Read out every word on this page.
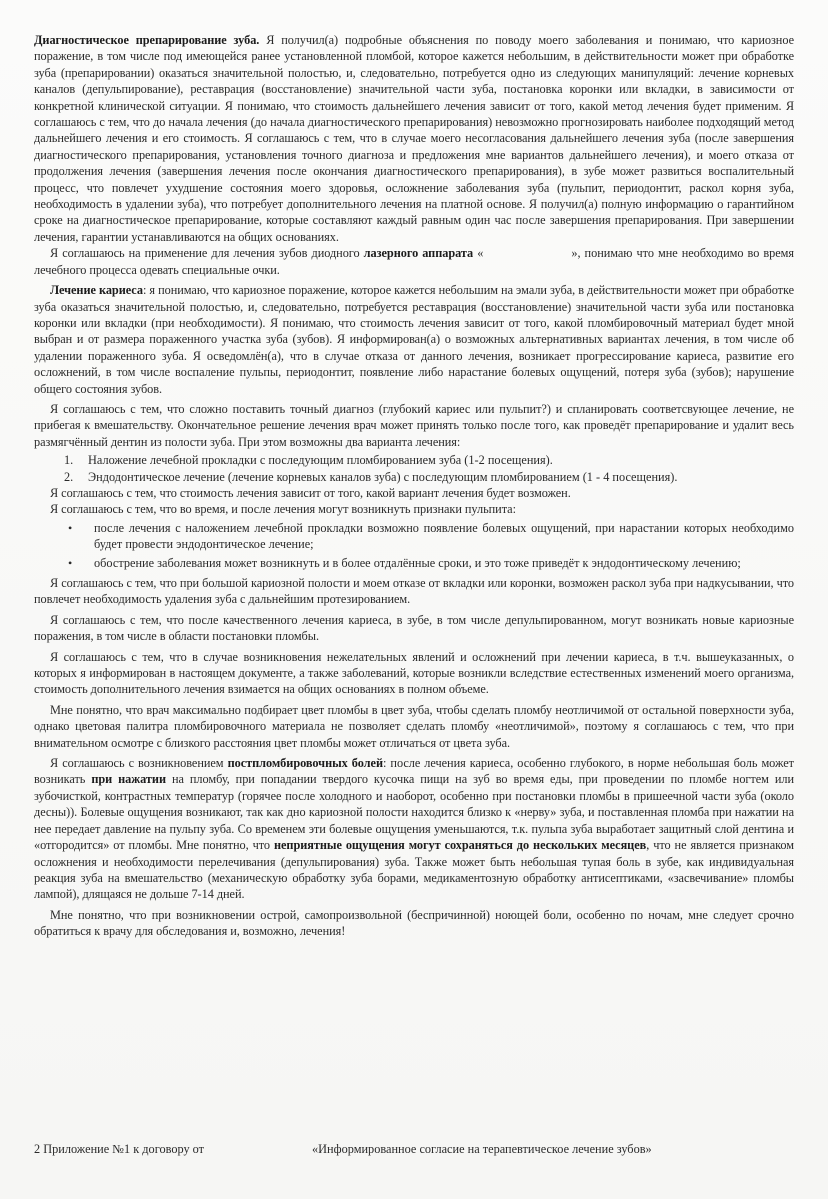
Диагностическое препарирование зуба. Я получил(а) подробные объяснения по поводу моего заболевания и понимаю, что кариозное поражение, в том числе под имеющейся ранее установленной пломбой, которое кажется небольшим, в действительности может при обработке зуба (препарировании) оказаться значительной полостью, и, следовательно, потребуется одно из следующих манипуляций: лечение корневых каналов (депульпирование), реставрация (восстановление) значительной части зуба, постановка коронки или вкладки, в зависимости от конкретной клинической ситуации. Я понимаю, что стоимость дальнейшего лечения зависит от того, какой метод лечения будет применим. Я соглашаюсь с тем, что до начала лечения (до начала диагностического препарирования) невозможно прогнозировать наиболее подходящий метод дальнейшего лечения и его стоимость. Я соглашаюсь с тем, что в случае моего несогласования дальнейшего лечения зуба (после завершения диагностического препарирования, установления точного диагноза и предложения мне вариантов дальнейшего лечения), и моего отказа от продолжения лечения (завершения лечения после окончания диагностического препарирования), в зубе может развиться воспалительный процесс, что повлечет ухудшение состояния моего здоровья, осложнение заболевания зуба (пульпит, периодонтит, раскол корня зуба, необходимость в удалении зуба), что потребует дополнительного лечения на платной основе. Я получил(а) полную информацию о гарантийном сроке на диагностическое препарирование, которые составляют каждый равным один час после завершения препарирования. При завершении лечения, гарантии устанавливаются на общих основаниях.

Я соглашаюсь на применение для лечения зубов диодного лазерного аппарата «	», понимаю что мне необходимо во время лечебного процесса одевать специальные очки.

Лечение кариеса: я понимаю, что кариозное поражение, которое кажется небольшим на эмали зуба, в действительности может при обработке зуба оказаться значительной полостью, и, следовательно, потребуется реставрация (восстановление) значительной части зуба или постановка коронки или вкладки (при необходимости). Я понимаю, что стоимость лечения зависит от того, какой пломбировочный материал будет мной выбран и от размера пораженного участка зуба (зубов). Я информирован(а) о возможных альтернативных вариантах лечения, в том числе об удалении пораженного зуба. Я осведомлён(а), что в случае отказа от данного лечения, возникает прогрессирование кариеса, развитие его осложнений, в том числе воспаление пульпы, периодонтит, появление либо нарастание болевых ощущений, потеря зуба (зубов); нарушение общего состояния зубов.

Я соглашаюсь с тем, что сложно поставить точный диагноз (глубокий кариес или пульпит?) и спланировать соответсвующее лечение, не прибегая к вмешательству. Окончательное решение лечения врач может принять только после того, как проведёт препарирование и удалит весь размягчённый дентин из полости зуба. При этом возможны два варианта лечения:

1. Наложение лечебной прокладки с последующим пломбированием зуба (1-2 посещения).
2. Эндодонтическое лечение (лечение корневых каналов зуба) с последующим пломбированием (1 - 4 посещения).

Я соглашаюсь с тем, что стоимость лечения зависит от того, какой вариант лечения будет возможен.

Я соглашаюсь с тем, что во время, и после лечения могут возникнуть признаки пульпита:

• после лечения с наложением лечебной прокладки возможно появление болевых ощущений, при нарастании которых необходимо будет провести эндодонтическое лечение;
• обострение заболевания может возникнуть и в более отдалённые сроки, и это тоже приведёт к эндодонтическому лечению;

Я соглашаюсь с тем, что при большой кариозной полости и моем отказе от вкладки или коронки, возможен раскол зуба при надкусывании, что повлечет необходимость удаления зуба с дальнейшим протезированием.

Я соглашаюсь с тем, что после качественного лечения кариеса, в зубе, в том числе депульпированном, могут возникать новые кариозные поражения, в том числе в области постановки пломбы.

Я соглашаюсь с тем, что в случае возникновения нежелательных явлений и осложнений при лечении кариеса, в т.ч. вышеуказанных, о которых я информирован в настоящем документе, а также заболеваний, которые возникли вследствие естественных изменений моего организма, стоимость дополнительного лечения взимается на общих основаниях в полном объеме.

Мне понятно, что врач максимально подбирает цвет пломбы в цвет зуба, чтобы сделать пломбу неотличимой от остальной поверхности зуба, однако цветовая палитра пломбировочного материала не позволяет сделать пломбу «неотличимой», поэтому я соглашаюсь с тем, что при внимательном осмотре с близкого расстояния цвет пломбы может отличаться от цвета зуба.

Я соглашаюсь с возникновением постпломбировочных болей: после лечения кариеса, особенно глубокого, в норме небольшая боль может возникать при нажатии на пломбу, при попадании твердого кусочка пищи на зуб во время еды, при проведении по пломбе ногтем или зубочисткой, контрастных температур (горячее после холодного и наоборот, особенно при постановки пломбы в пришеечной части зуба (около десны)). Болевые ощущения возникают, так как дно кариозной полости находится близко к «нерву» зуба, и поставленная пломба при нажатии на нее передает давление на пульпу зуба. Со временем эти болевые ощущения уменьшаются, т.к. пульпа зуба выработает защитный слой дентина и «отгородится» от пломбы. Мне понятно, что неприятные ощущения могут сохраняться до нескольких месяцев, что не является признаком осложнения и необходимости перелечивания (депульпирования) зуба. Также может быть небольшая тупая боль в зубе, как индивидуальная реакция зуба на вмешательство (механическую обработку зуба борами, медикаментозную обработку антисептиками, «засвечивание» пломбы лампой), длящаяся не дольше 7-14 дней.

Мне понятно, что при возникновении острой, самопроизвольной (беспричинной) ноющей боли, особенно по ночам, мне следует срочно обратиться к врачу для обследования и, возможно, лечения!

2 Приложение №1 к договору от	«Информированное согласие на терапевтическое лечение зубов»
